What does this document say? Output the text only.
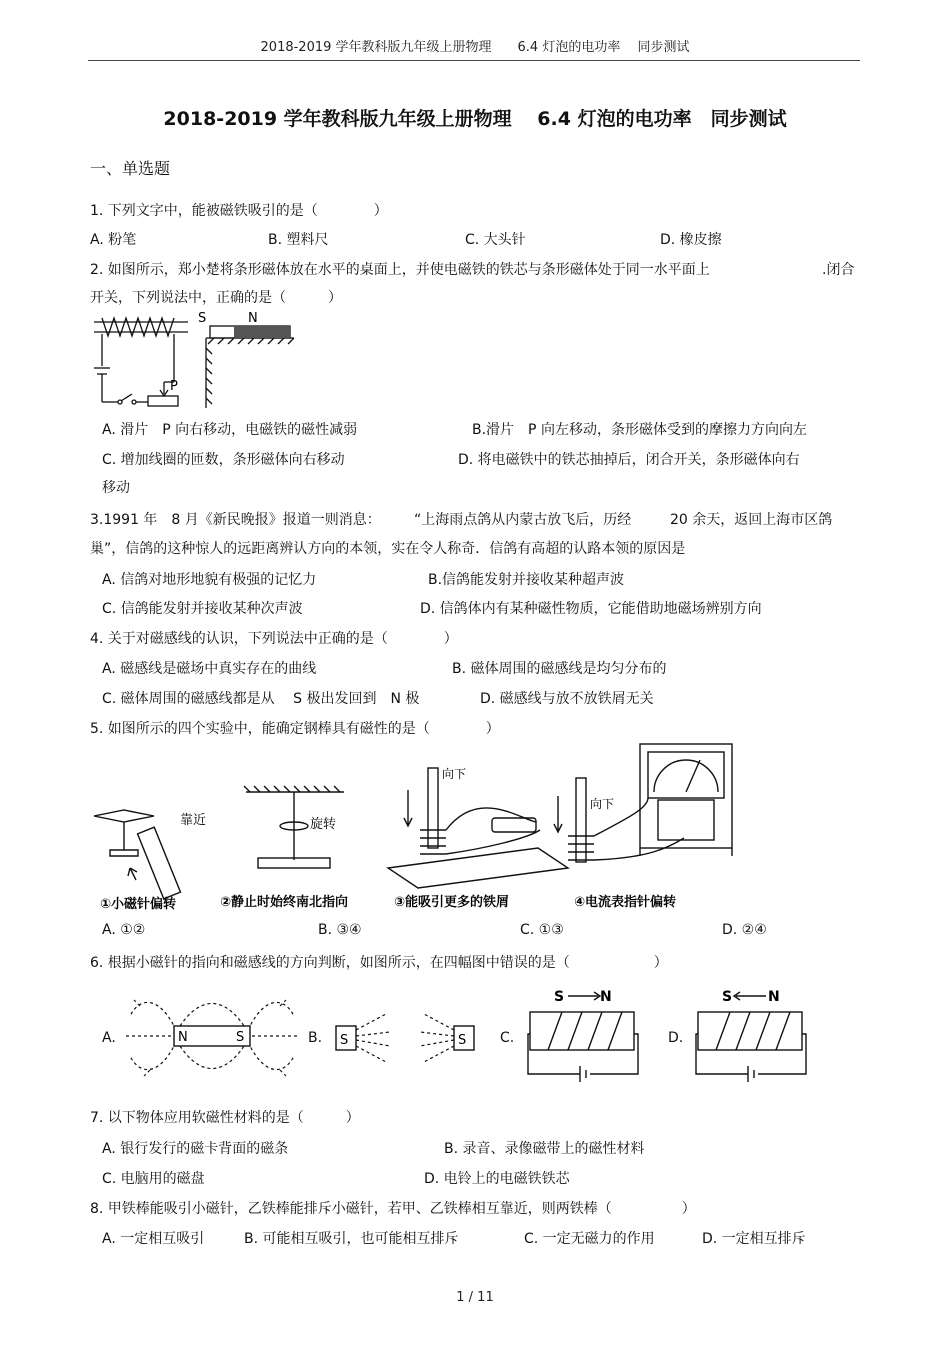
2018-2019 学年教科版九年级上册物理　　6.4 灯泡的电功率　 同步测试
2018-2019 学年教科版九年级上册物理　 6.4 灯泡的电功率　同步测试
一、单选题
1. 下列文字中，能被磁铁吸引的是（　　　　）
A. 粉笔	B. 塑料尺	C. 大头针	D. 橡皮擦
2. 如图所示，郑小楚将条形磁体放在水平的桌面上，并使电磁铁的铁芯与条形磁体处于同一水平面上	.闭合
开关，下列说法中，正确的是（　　　）
S	N
P
A. 滑片　P 向右移动，电磁铁的磁性减弱	B.滑片　P 向左移动，条形磁体受到的摩擦力方向向左
C. 增加线圈的匝数，条形磁体向右移动	D. 将电磁铁中的铁芯抽掉后，闭合开关，条形磁体向右
移动
3.1991 年　8 月《新民晚报》报道一则消息： “上海雨点鸽从内蒙古放飞后，历经	20 余天，返回上海市区鸽
巢”，信鸽的这种惊人的远距离辨认方向的本领，实在令人称奇．信鸽有高超的认路本领的原因是
A. 信鸽对地形地貌有极强的记忆力	B.信鸽能发射并接收某种超声波
C. 信鸽能发射并接收某种次声波	D. 信鸽体内有某种磁性物质，它能借助地磁场辨别方向
4. 关于对磁感线的认识，下列说法中正确的是（　　　　）
A. 磁感线是磁场中真实存在的曲线	B. 磁体周围的磁感线是均匀分布的
C. 磁体周围的磁感线都是从　 S 极出发回到　N 极	D. 磁感线与放不放铁屑无关
5. 如图所示的四个实验中，能确定钢棒具有磁性的是（　　　　）
靠近	旋转
向下
向下
①小磁针偏转	②静止时始终南北指向	③能吸引更多的铁屑	④电流表指针偏转
A. ①②	B. ③④	C. ①③	D. ②④
6. 根据小磁针的指向和磁感线的方向判断，如图所示，在四幅图中错误的是（　　　　　　）
A.	N	S	B. S	S C.
S	N
D.
S	N
7. 以下物体应用软磁性材料的是（　　　）
A. 银行发行的磁卡背面的磁条	B. 录音、录像磁带上的磁性材料
C. 电脑用的磁盘	D. 电铃上的电磁铁铁芯
8. 甲铁棒能吸引小磁针，乙铁棒能排斥小磁针，若甲、乙铁棒相互靠近，则两铁棒（　　　　　）
A. 一定相互吸引	B. 可能相互吸引，也可能相互排斥	C. 一定无磁力的作用	D. 一定相互排斥
1 / 11
